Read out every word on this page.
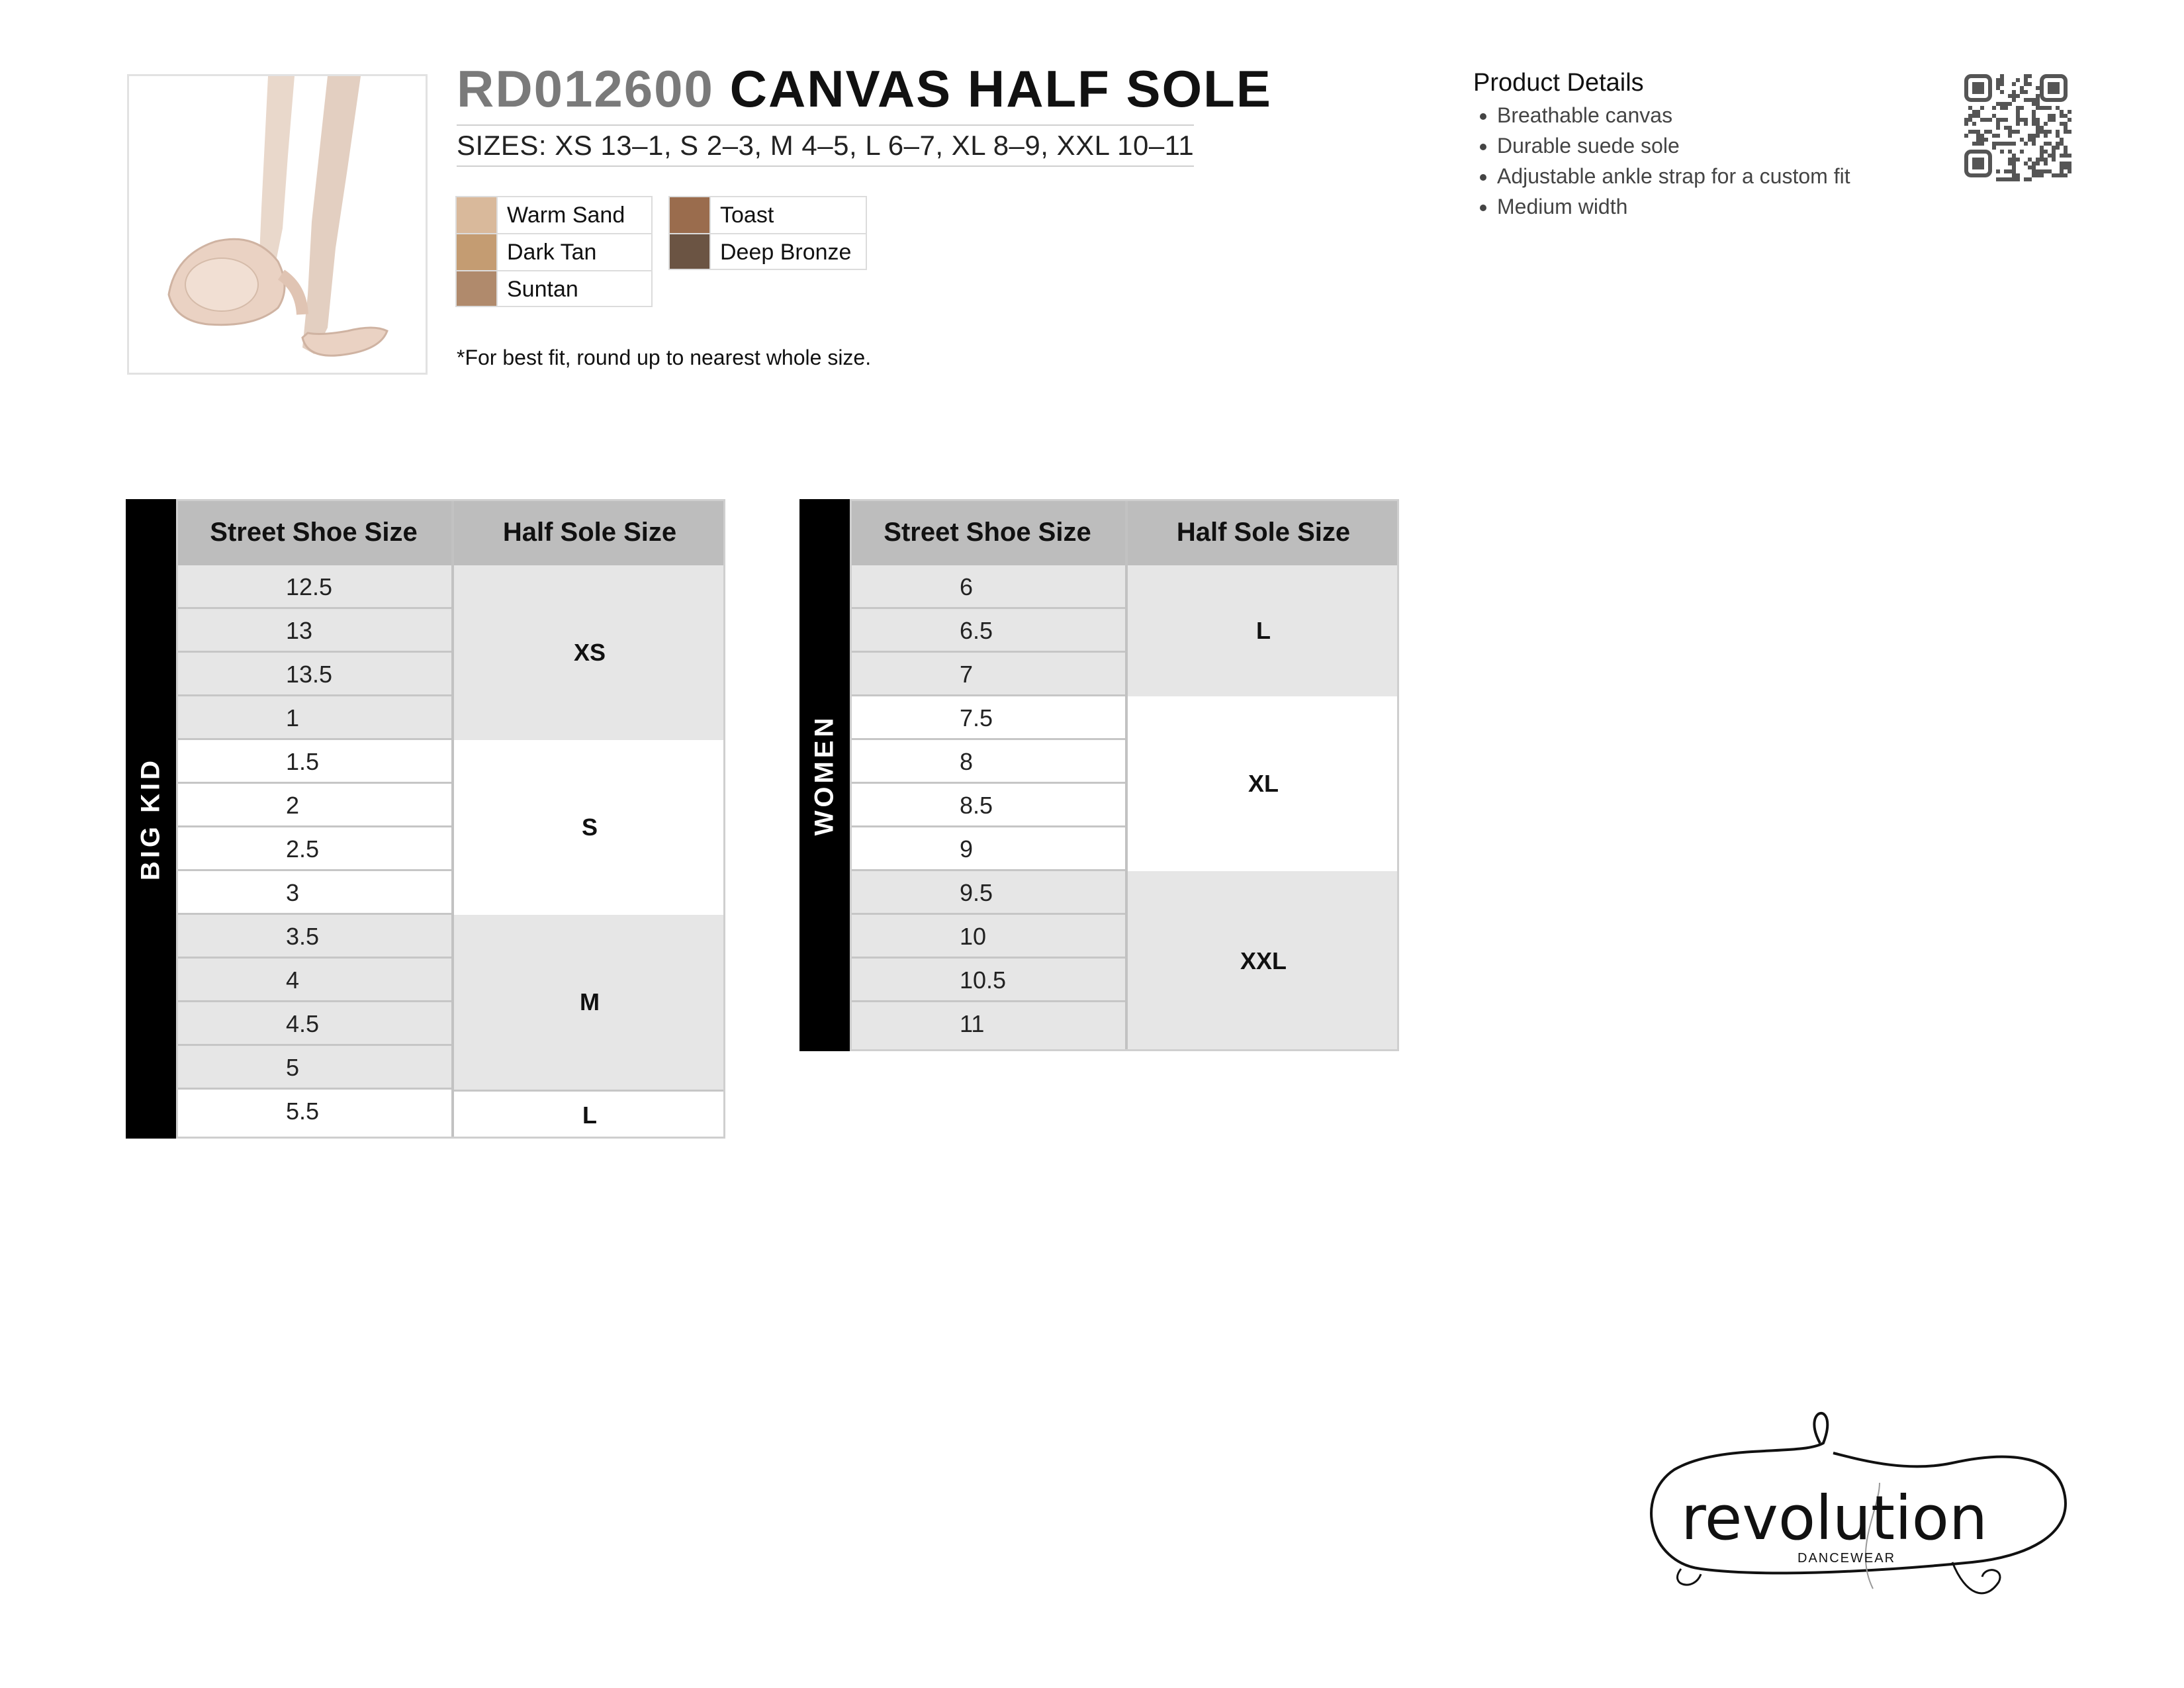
RD012600 CANVAS HALF SOLE
SIZES: XS 13–1, S 2–3, M 4–5, L 6–7, XL 8–9, XXL 10–11
Warm Sand
Dark Tan
Suntan
Toast
Deep Bronze
*For best fit, round up to nearest whole size.
Product Details
• Breathable canvas
• Durable suede sole
• Adjustable ankle strap for a custom fit
• Medium width
BIG KID
Street Shoe Size	Half Sole Size
12.5
13
13.5
1
1.5
2
2.5
3
3.5
4
4.5
5
5.5
XS
S
M
L
WOMEN
Street Shoe Size	Half Sole Size
6
6.5
7
7.5
8
8.5
9
9.5
10
10.5
11
L
XL
XXL
revolution
DANCEWEAR
